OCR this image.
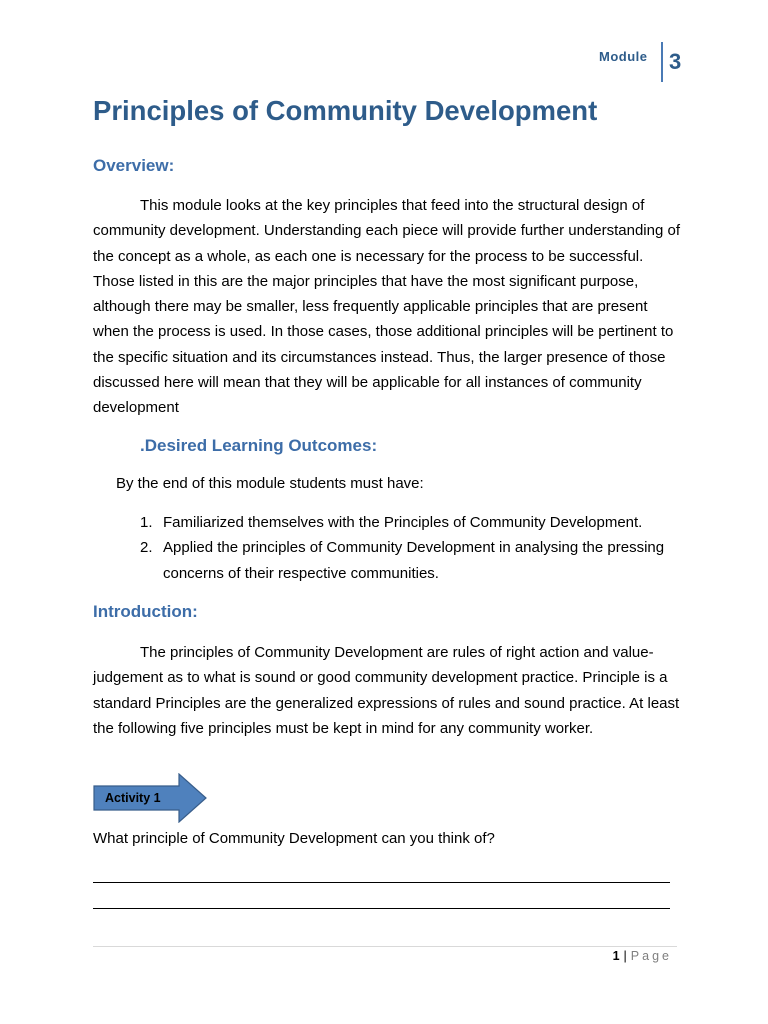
Module 3
Principles of Community Development
Overview:

This module looks at the key principles that feed into the structural design of community development. Understanding each piece will provide further understanding of the concept as a whole, as each one is necessary for the process to be successful. Those listed in this are the major principles that have the most significant purpose, although there may be smaller, less frequently applicable principles that are present when the process is used. In those cases, those additional principles will be pertinent to the specific situation and its circumstances instead. Thus, the larger presence of those discussed here will mean that they will be applicable for all instances of community development

.Desired Learning Outcomes:
By the end of this module students must have:
1. Familiarized themselves with the Principles of Community Development.
2. Applied the principles of Community Development in analysing the pressing concerns of their respective communities.
Introduction:

The principles of Community Development are rules of right action and value-judgement as to what is sound or good community development practice. Principle is a standard Principles are the generalized expressions of rules and sound practice. At least the following five principles must be kept in mind for any community worker.

Activity 1
What principle of Community Development can you think of?
1 | Page
